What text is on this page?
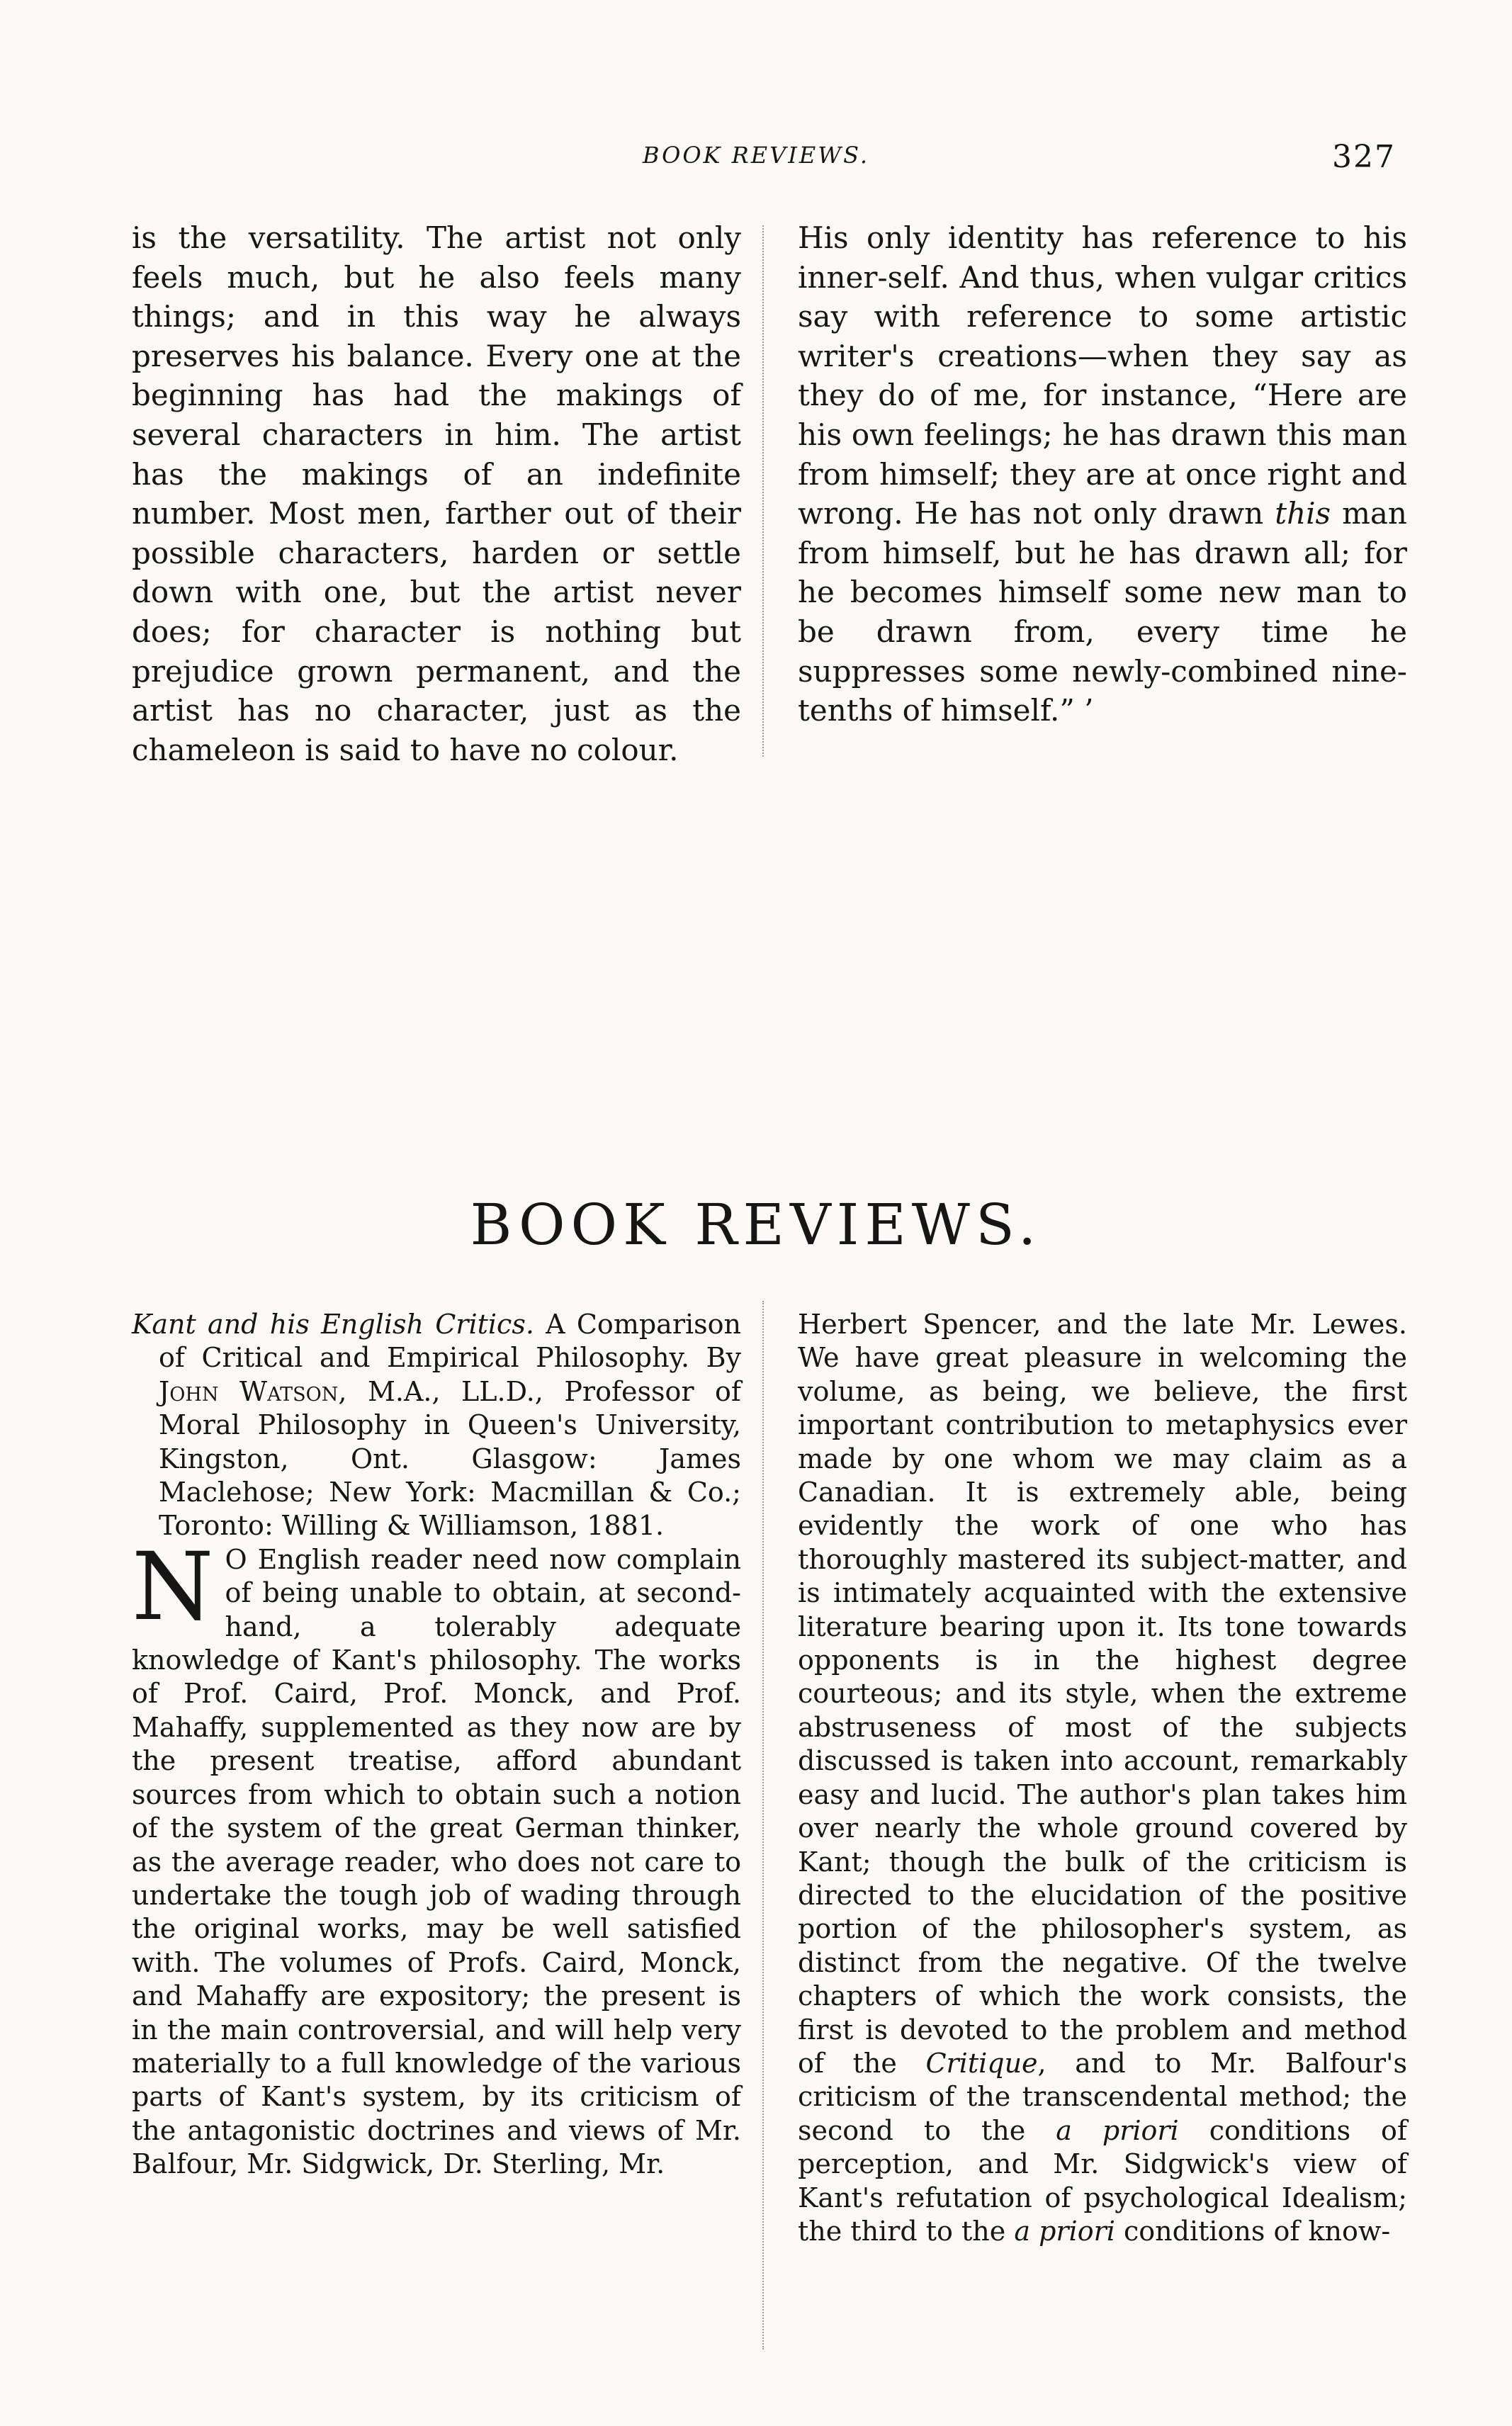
BOOK REVIEWS.	327

is the versatility. The artist not only feels much, but he also feels many things; and in this way he always preserves his balance. Every one at the beginning has had the makings of several characters in him. The artist has the makings of an indefinite number. Most men, farther out of their possible characters, harden or settle down with one, but the artist never does; for character is nothing but prejudice grown permanent, and the artist has no character, just as the chameleon is said to have no colour.

His only identity has reference to his inner-self. And thus, when vulgar critics say with reference to some artistic writer's creations—when they say as they do of me, for instance, “Here are his own feelings; he has drawn this man from himself; they are at once right and wrong. He has not only drawn this man from himself, but he has drawn all; for he becomes himself some new man to be drawn from, every time he suppresses some newly-combined nine-tenths of himself.” ’

BOOK REVIEWS.

Kant and his English Critics. A Comparison of Critical and Empirical Philosophy. By John Watson, M.A., LL.D., Professor of Moral Philosophy in Queen's University, Kingston, Ont. Glasgow: James Maclehose; New York: Macmillan & Co.; Toronto: Willing & Williamson, 1881.

N O English reader need now complain of being unable to obtain, at second-hand, a tolerably adequate knowledge of Kant's philosophy. The works of Prof. Caird, Prof. Monck, and Prof. Mahaffy, supplemented as they now are by the present treatise, afford abundant sources from which to obtain such a notion of the system of the great German thinker, as the average reader, who does not care to undertake the tough job of wading through the original works, may be well satisfied with. The volumes of Profs. Caird, Monck, and Mahaffy are expository; the present is in the main controversial, and will help very materially to a full knowledge of the various parts of Kant's system, by its criticism of the antagonistic doctrines and views of Mr. Balfour, Mr. Sidgwick, Dr. Sterling, Mr.

Herbert Spencer, and the late Mr. Lewes. We have great pleasure in welcoming the volume, as being, we believe, the first important contribution to metaphysics ever made by one whom we may claim as a Canadian. It is extremely able, being evidently the work of one who has thoroughly mastered its subject-matter, and is intimately acquainted with the extensive literature bearing upon it. Its tone towards opponents is in the highest degree courteous; and its style, when the extreme abstruseness of most of the subjects discussed is taken into account, remarkably easy and lucid. The author's plan takes him over nearly the whole ground covered by Kant; though the bulk of the criticism is directed to the elucidation of the positive portion of the philosopher's system, as distinct from the negative. Of the twelve chapters of which the work consists, the first is devoted to the problem and method of the Critique, and to Mr. Balfour's criticism of the transcendental method; the second to the a priori conditions of perception, and Mr. Sidgwick's view of Kant's refutation of psychological Idealism; the third to the a priori conditions of know-
